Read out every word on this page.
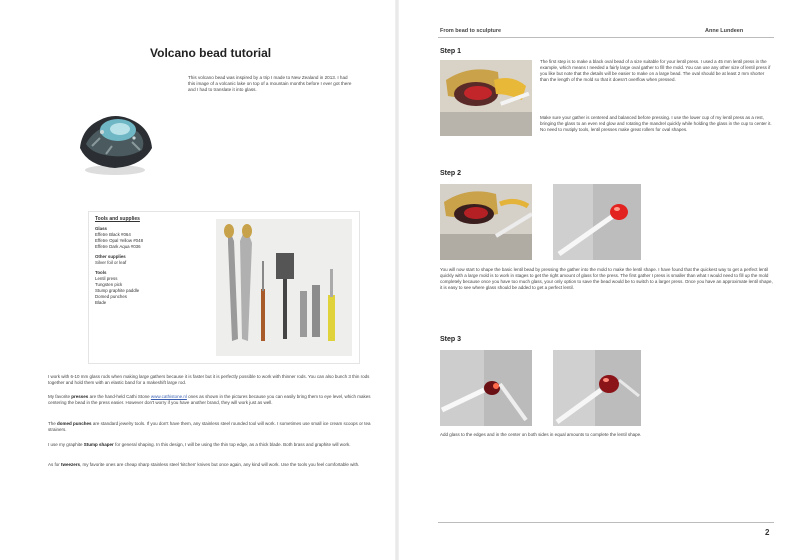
Volcano bead tutorial
This volcano bead was inspired by a trip I made to New Zealand in 2013. I had this image of a volcanic lake on top of a mountain months before I ever got there and I had to translate it into glass.
Tools and supplies
Glass
Effetre Black #064
Effetre Opal Yellow #048
Effetre Dark Aqua #036
Other supplies
Silver foil or leaf
Tools
Lentil press
Tungsten pick
Stump graphite paddle
Domed punches
Blade
I work with 6-10 mm glass rods when making large gathers because it is faster but it is perfectly possible to work with thinner rods. You can also bunch 3 thin rods together and hold them with an elastic band for a makeshift large rod.
My favorite presses are the hand-held Cathi Stone www.cathistone.nl ones as shown in the pictures because you can easily bring them to eye level, which makes centering the bead in the press easier. However don't worry if you have another brand, they will work just as well.
The domed punches are standard jewelry tools. If you don't have them, any stainless steel rounded tool will work. I sometimes use small ice cream scoops or tea strainers.
I use my graphite Stump shaper for general shaping. In this design, I will be using the thin top edge, as a thick blade. Both brass and graphite will work.
As for tweezers, my favorite ones are cheap sharp stainless steel 'kitchen' knives but once again, any kind will work. Use the tools you feel comfortable with.
From bead to sculpture	Anne Lundeen
Step 1
The first step is to make a black oval bead of a size suitable for your lentil press. I used a 45 mm lentil press in the example, which means I needed a fairly large oval gather to fill the mold. You can use any other size of lentil press if you like but note that the details will be easier to make on a large bead. The oval should be at least 2 mm shorter than the length of the mold so that it doesn't overflow when pressed.
Make sure your gather is centered and balanced before pressing. I use the lower cup of my lentil press as a rest, bringing the glass to an even red glow and rotating the mandrel quickly while holding the glass in the cup to center it. No need to mutiply tools, lentil presses make great rollers for oval shapes.
Step 2
You will now start to shape the basic lentil bead by pressing the gather into the mold to make the lentil shape. I have found that the quickest way to get a perfect lentil quickly with a large mold is to work in stages to get the right amount of glass for the press. The first gather I press is smaller than what I would need to fill up the mold completely because once you have too much glass, your only option to save the bead would be to switch to a larger press. Once you have an approximate lentil shape, it is easy to see where glass should be added to get a perfect lentil.
Step 3
Add glass to the edges and in the center on both sides in equal amounts to complete the lentil shape.
2
